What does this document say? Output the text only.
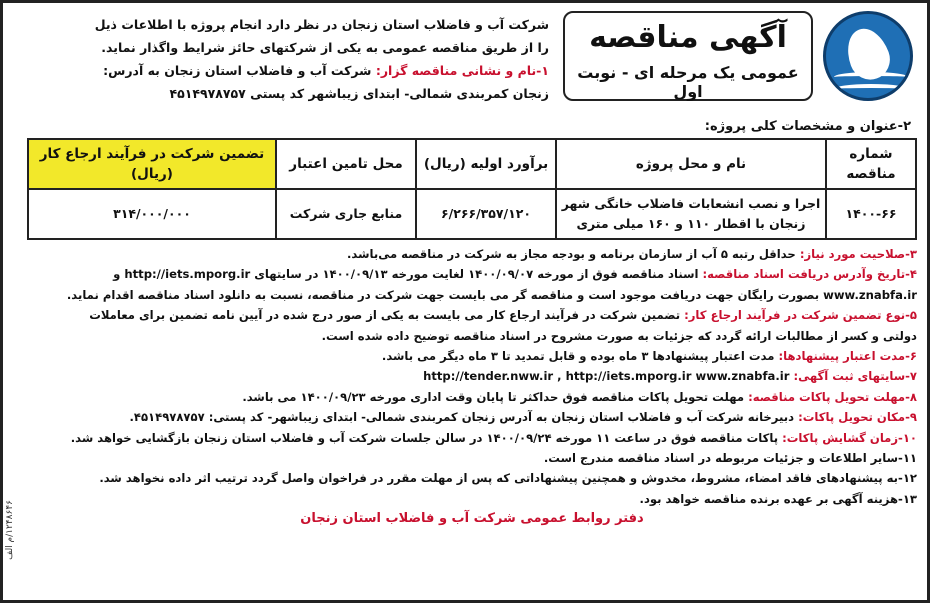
آگهی مناقصه
عمومی یک مرحله ای - نوبت اول
شرکت آب و فاضلاب استان زنجان در نظر دارد انجام پروژه با اطلاعات ذیل
را از طریق مناقصه عمومی به یکی از شرکتهای حائز شرایط واگذار نماید.
۱-نام و نشانی مناقصه گزار: شرکت آب و فاضلاب استان زنجان به آدرس:
زنجان کمربندی شمالی- ابتدای زیباشهر کد پستی ۴۵۱۴۹۷۸۷۵۷
۲-عنوان و مشخصات کلی پروژه:
شماره مناقصه	نام و محل پروژه	برآورد اولیه (ریال)	محل تامین اعتبار	تضمین شرکت در فرآیند ارجاع کار (ریال)
۱۴۰۰-۶۶	اجرا و نصب انشعابات فاضلاب خانگی شهر زنجان با اقطار ۱۱۰ و ۱۶۰ میلی متری	۶/۲۶۶/۳۵۷/۱۲۰	منابع جاری شرکت	۳۱۴/۰۰۰/۰۰۰
۳-صلاحیت مورد نیاز: حداقل رتبه ۵ آب از سازمان برنامه و بودجه مجاز به شرکت در مناقصه می‌باشد.
۴-تاریخ وآدرس دریافت اسناد مناقصه: اسناد مناقصه فوق از مورخه ۱۴۰۰/۰۹/۰۷ لغایت مورخه ۱۴۰۰/۰۹/۱۳ در سایتهای http://iets.mporg.ir و
www.znabfa.ir بصورت رایگان جهت دریافت موجود است و مناقصه گر می بایست جهت شرکت در مناقصه، نسبت به دانلود اسناد مناقصه اقدام نماید.
۵-نوع تضمین شرکت در فرآیند ارجاع کار: تضمین شرکت در فرآیند ارجاع کار می بایست به یکی از صور درج شده در آیین نامه تضمین برای معاملات
دولتی و کسر از مطالبات ارائه گردد که جزئیات به صورت مشروح در اسناد مناقصه توضیح داده شده است.
۶-مدت اعتبار پیشنهادها: مدت اعتبار پیشنهادها ۳ ماه بوده و قابل تمدید تا ۳ ماه دیگر می باشد.
۷-سایتهای ثبت آگهی: http://tender.nww.ir , http://iets.mporg.ir www.znabfa.ir
۸-مهلت تحویل پاکات مناقصه: مهلت تحویل پاکات مناقصه فوق حداکثر تا پایان وقت اداری مورخه ۱۴۰۰/۰۹/۲۳ می باشد.
۹-مکان تحویل پاکات: دبیرخانه شرکت آب و فاضلاب استان زنجان به آدرس زنجان کمربندی شمالی- ابتدای زیباشهر- کد پستی: ۴۵۱۴۹۷۸۷۵۷.
۱۰-زمان گشایش پاکات: پاکات مناقصه فوق در ساعت ۱۱ مورخه ۱۴۰۰/۰۹/۲۴ در سالن جلسات شرکت آب و فاضلاب استان زنجان بازگشایی خواهد شد.
۱۱-سایر اطلاعات و جزئیات مربوطه در اسناد مناقصه مندرج است.
۱۲-به پیشنهادهای فاقد امضاء، مشروط، مخدوش و همچنین پیشنهاداتی که پس از مهلت مقرر در فراخوان واصل گردد ترتیب اثر داده نخواهد شد.
۱۳-هزینه آگهی بر عهده برنده مناقصه خواهد بود.
دفتر روابط عمومی شرکت آب و فاضلاب استان زنجان
۱۲۴۸۶۴۶/م الف
